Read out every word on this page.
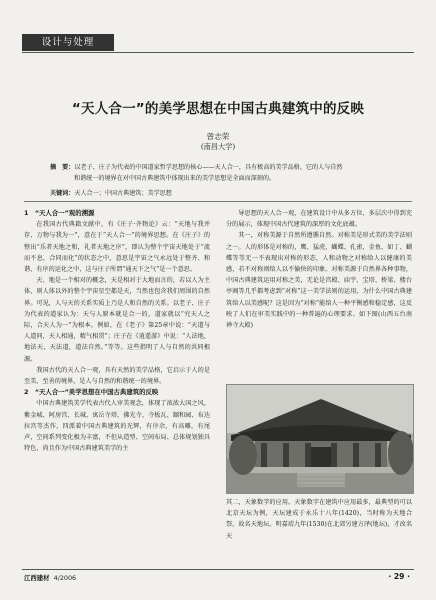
设计与处理
“天人合一”的美学思想在中国古典建筑中的反映
曾志荣
(南昌大学)
摘　要：以老子、庄子为代表的中国道家哲学思想的核心——天人合一，具有极高的美学品格，它的人与自然
和谐统一的境界在对中国古典建筑中体现出来的美学思想是全面而深刻的。
关键词：天人合一；中国古典建筑；美学思想
1　“天人合一”观的溯源

在我国古代典籍文献中，有《庄子·齐物论》云：“天地与我并存，万物与我为一”，意在于“天人合一”的境界思想。在《庄子》的整出“乐者天地之和，礼者天地之序”，即认为整个宇宙天地处于“流而不息，合同而化”的状态之中，意思是宇宙之气永远处于整齐、和谐、有序的运化之中，这与庄子所谓“通天下之气”是一个意思。

天、地是一个相对的概念，天是相对于大地而言的，若以人为主体，则人体以外的整个宇宙星空都是天，当然也包含我们周围的自然界。可见，人与天的关系实质上乃是人和自然的关系。以老子、庄子为代表的道家认为：天与人原本就是合一的，道家就以“究天人之际，合天人为一”为根本。例如，在《老子》第25章中说：“天道与人道同，天人相通，精气相贯”；庄子在《逍遥游》中说：“人法地，地法天，天法道，道法自然。”等等。这些指明了人与自然的共同根源。

我国古代的天人合一观，具有天然的美学品格，它启示于人的是至美、至善的境界，是人与自然的和谐统一的境界。

2　“天人合一”美学思想在中国古典建筑的反映

中国古典建筑美学代表古代人审美观念，体现了浓浓大国之风，紫金城、阿房宫、长城、寓岳寺塔、佛光寺、寺板瓦、颐和园、布达拉宫等杰作，四派着中国古典建筑的光辉，有序余，有高雕，有尾声，空间系列变化极为丰富，不但从造型、空间布局、总体规划独具特色，尚且作为中国古典建筑美学的主

导思想的天人合一观，在建筑设计中从多方位、多层次中得到充分的展示，体现中国古代建筑的深厚的文化底蕴。

其一，对称美源于自然所遵循自然。对称美是形式美的美学法则之一。人的形体是对称的，鹰、猛虎、蝴蝶、孔雀、金鱼、如丁、蝴蝶等等无一不表现出对称的形态，人和动物之对称给人以健康的美感，若不对称则给人以不愉快的印象。对称美源于自然界各种事物，中国古典建筑运用对称之美，无论是宫殿、庙宇、宝塔、桥梁、楼台亭阁等几乎都考虑到“对称”这一美学法则的运用，为什么中国古典建筑给人以美感呢？这是因为“对称”能给人一种平衡感和稳定感，这反映了人们在审美实践中的一种普遍的心理要求。如下图(山西五台南禅寺大殿)

其二，天象数字的应用。天象数字在建筑中应用最多，最典型的可以北京天坛为例，天坛建成于永乐十八年(1420)，当时称为天地合祭，故名天地坛。明嘉靖九年(1530)在北郊另建方泽(地坛)，才改名天
江西建材 4/2006	· 29 ·
